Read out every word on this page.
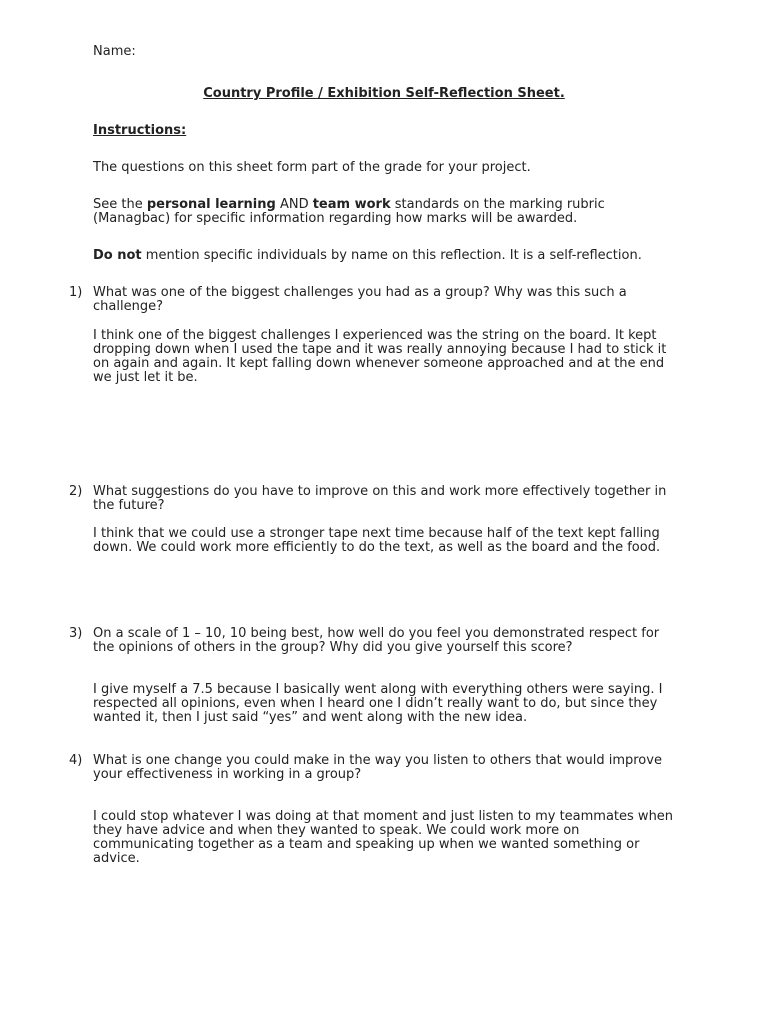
Name:

Country Profile / Exhibition Self-Reflection Sheet.

Instructions:

The questions on this sheet form part of the grade for your project.

See the personal learning AND team work standards on the marking rubric (Managbac) for specific information regarding how marks will be awarded.

Do not mention specific individuals by name on this reflection. It is a self-reflection.

1) What was one of the biggest challenges you had as a group? Why was this such a challenge?

I think one of the biggest challenges I experienced was the string on the board. It kept dropping down when I used the tape and it was really annoying because I had to stick it on again and again. It kept falling down whenever someone approached and at the end we just let it be.

2) What suggestions do you have to improve on this and work more effectively together in the future?

I think that we could use a stronger tape next time because half of the text kept falling down. We could work more efficiently to do the text, as well as the board and the food.

3) On a scale of 1 – 10, 10 being best, how well do you feel you demonstrated respect for the opinions of others in the group? Why did you give yourself this score?

I give myself a 7.5 because I basically went along with everything others were saying. I respected all opinions, even when I heard one I didn’t really want to do, but since they wanted it, then I just said “yes” and went along with the new idea.

4) What is one change you could make in the way you listen to others that would improve your effectiveness in working in a group?

I could stop whatever I was doing at that moment and just listen to my teammates when they have advice and when they wanted to speak. We could work more on communicating together as a team and speaking up when we wanted something or advice.
